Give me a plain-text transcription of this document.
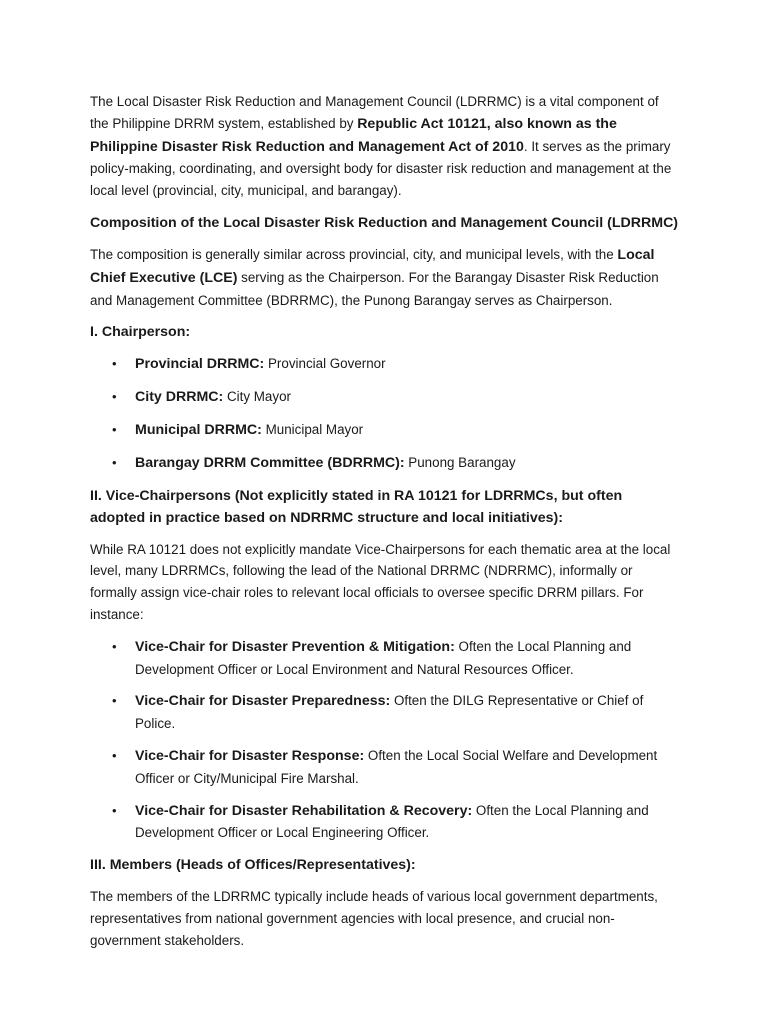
The Local Disaster Risk Reduction and Management Council (LDRRMC) is a vital component of the Philippine DRRM system, established by Republic Act 10121, also known as the Philippine Disaster Risk Reduction and Management Act of 2010. It serves as the primary policy-making, coordinating, and oversight body for disaster risk reduction and management at the local level (provincial, city, municipal, and barangay).

Composition of the Local Disaster Risk Reduction and Management Council (LDRRMC)

The composition is generally similar across provincial, city, and municipal levels, with the Local Chief Executive (LCE) serving as the Chairperson. For the Barangay Disaster Risk Reduction and Management Committee (BDRRMC), the Punong Barangay serves as Chairperson.

I. Chairperson:

• Provincial DRRMC: Provincial Governor
• City DRRMC: City Mayor
• Municipal DRRMC: Municipal Mayor
• Barangay DRRM Committee (BDRRMC): Punong Barangay

II. Vice-Chairpersons (Not explicitly stated in RA 10121 for LDRRMCs, but often adopted in practice based on NDRRMC structure and local initiatives):

While RA 10121 does not explicitly mandate Vice-Chairpersons for each thematic area at the local level, many LDRRMCs, following the lead of the National DRRMC (NDRRMC), informally or formally assign vice-chair roles to relevant local officials to oversee specific DRRM pillars. For instance:

• Vice-Chair for Disaster Prevention & Mitigation: Often the Local Planning and Development Officer or Local Environment and Natural Resources Officer.
• Vice-Chair for Disaster Preparedness: Often the DILG Representative or Chief of Police.
• Vice-Chair for Disaster Response: Often the Local Social Welfare and Development Officer or City/Municipal Fire Marshal.
• Vice-Chair for Disaster Rehabilitation & Recovery: Often the Local Planning and Development Officer or Local Engineering Officer.

III. Members (Heads of Offices/Representatives):

The members of the LDRRMC typically include heads of various local government departments, representatives from national government agencies with local presence, and crucial non-government stakeholders.
